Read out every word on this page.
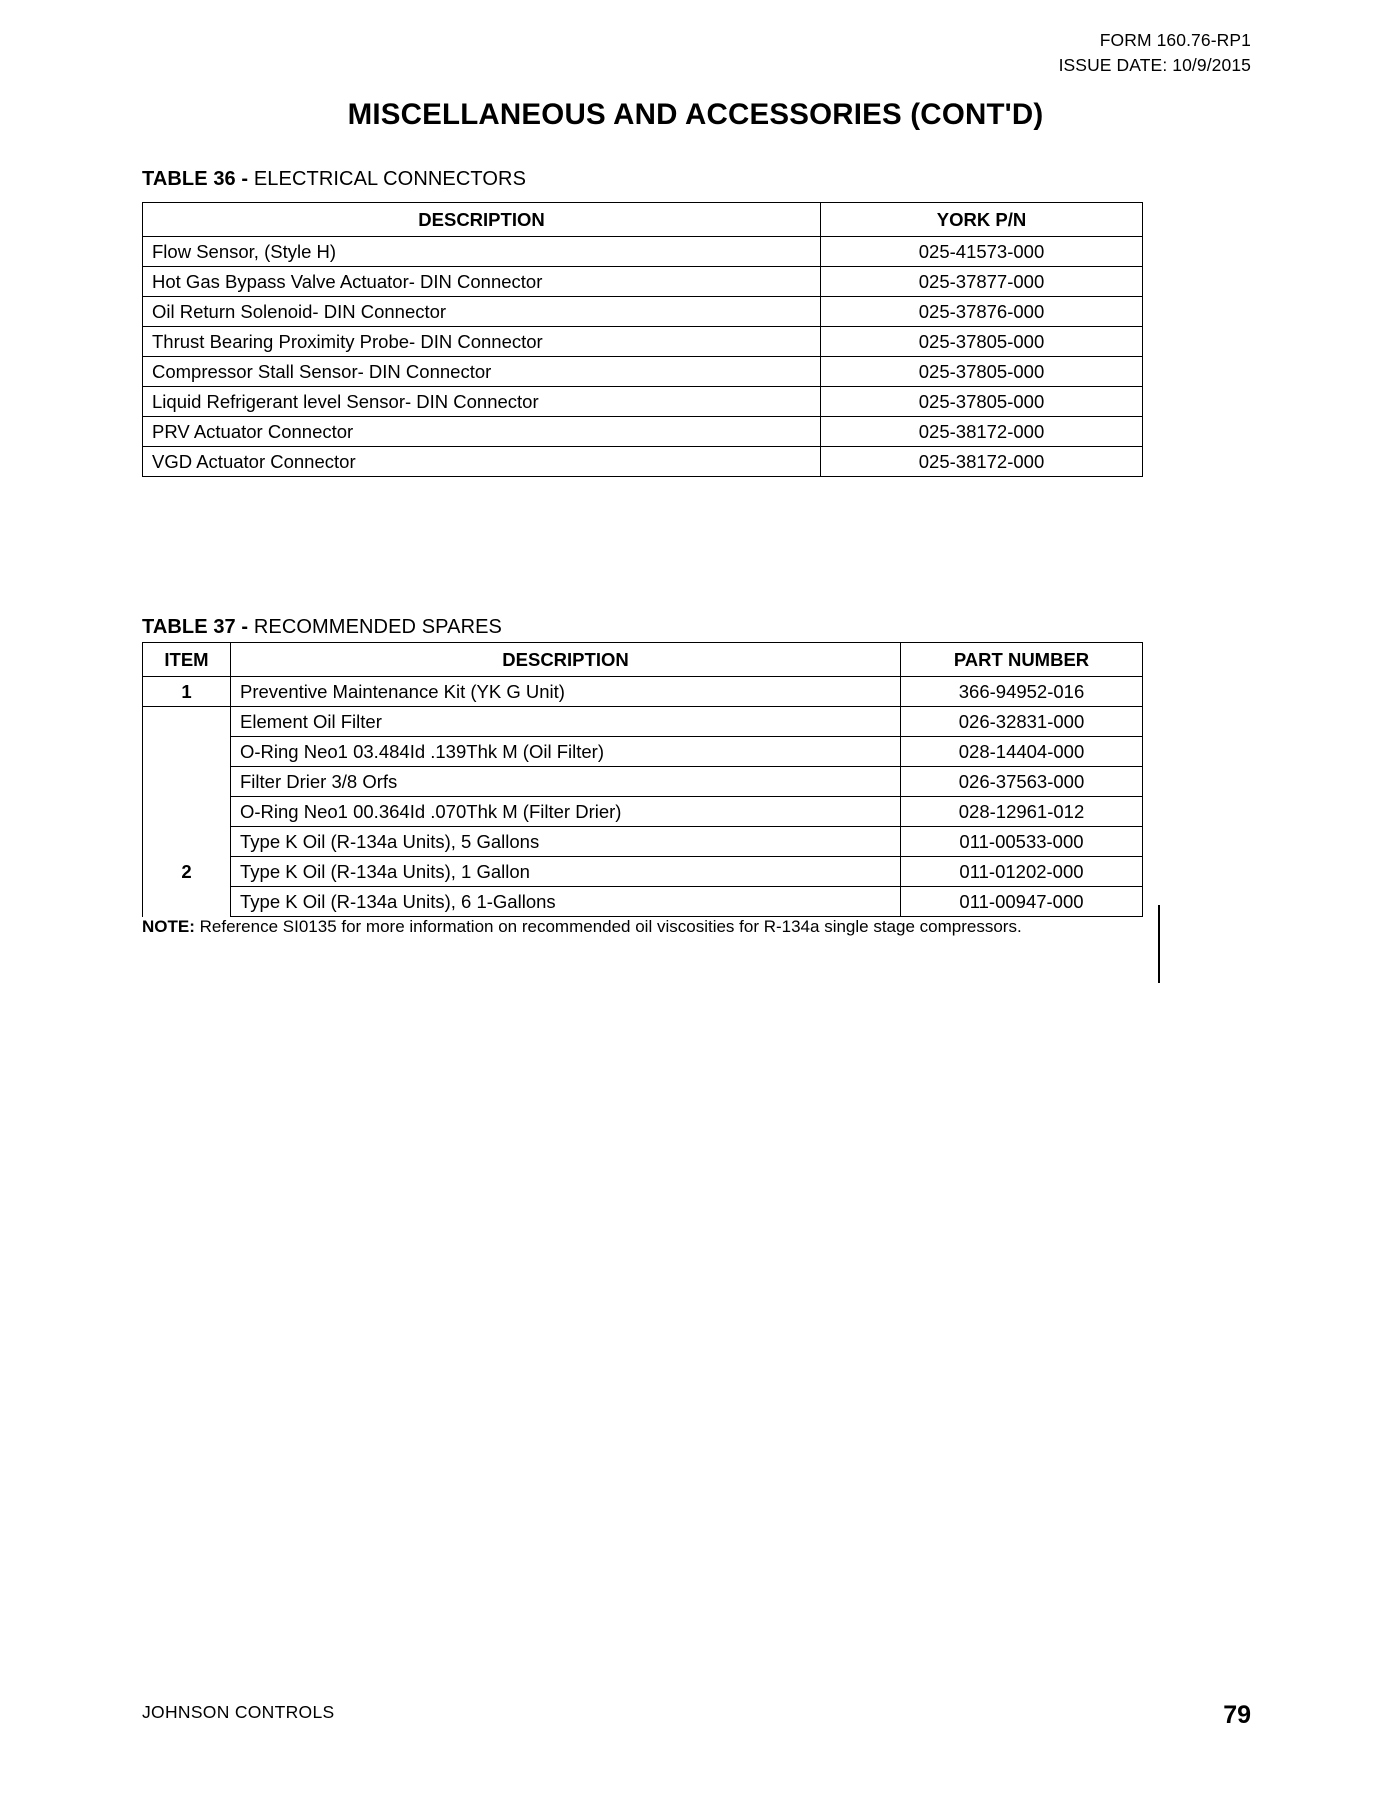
FORM 160.76-RP1
ISSUE DATE: 10/9/2015
MISCELLANEOUS AND ACCESSORIES (CONT'D)
TABLE 36 - ELECTRICAL CONNECTORS
DESCRIPTION	YORK P/N

Flow Sensor, (Style H)	025-41573-000

Hot Gas Bypass Valve Actuator- DIN Connector	025-37877-000

Oil Return Solenoid- DIN Connector	025-37876-000

Thrust Bearing Proximity Probe- DIN Connector	025-37805-000

Compressor Stall Sensor- DIN Connector	025-37805-000

Liquid Refrigerant level Sensor- DIN Connector	025-37805-000

PRV Actuator Connector	025-38172-000

VGD Actuator Connector	025-38172-000
TABLE 37 - RECOMMENDED SPARES
ITEM	DESCRIPTION	PART NUMBER

1	Preventive Maintenance Kit (YK G Unit)	366-94952-016

	Element Oil Filter	026-32831-000

	O-Ring Neo1 03.484Id .139Thk M (Oil Filter)	028-14404-000

	Filter Drier 3/8 Orfs	026-37563-000

	O-Ring Neo1 00.364Id .070Thk M (Filter Drier)	028-12961-012

	Type K Oil (R-134a Units), 5 Gallons	011-00533-000

2	Type K Oil (R-134a Units), 1 Gallon	011-01202-000

	Type K Oil (R-134a Units), 6 1-Gallons	011-00947-000
NOTE: Reference SI0135 for more information on recommended oil viscosities for R-134a single stage compressors.
JOHNSON CONTROLS	79
